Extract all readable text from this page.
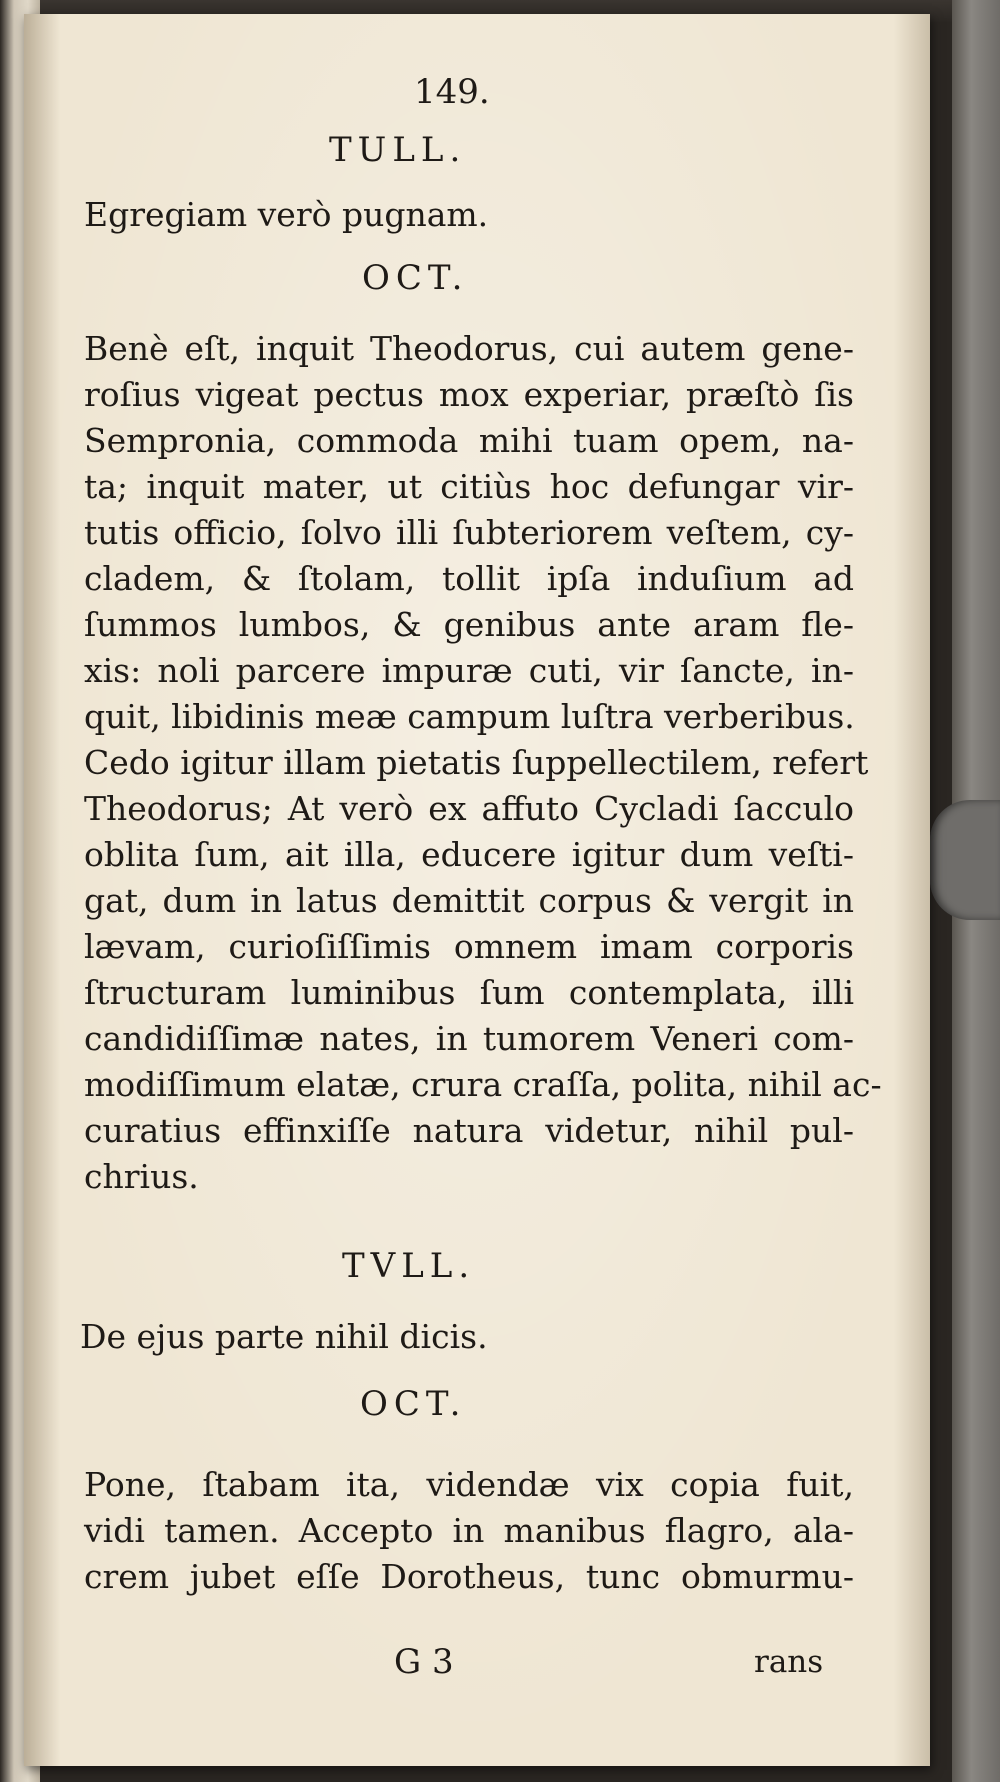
149.
TULL.
Egregiam verò pugnam.
OCT.
Benè eſt, inquit Theodorus, cui autem gene-
roſius vigeat pectus mox experiar, præſtò ſis
Sempronia, commoda mihi tuam opem, na-
ta; inquit mater, ut citiùs hoc defungar vir-
tutis officio, ſolvo illi ſubteriorem veſtem, cy-
cladem, & ſtolam, tollit ipſa induſium ad
ſummos lumbos, & genibus ante aram fle-
xis: noli parcere impuræ cuti, vir ſancte, in-
quit, libidinis meæ campum luſtra verberibus.
Cedo igitur illam pietatis ſuppellectilem, refert
Theodorus; At verò ex affuto Cycladi ſacculo
oblita ſum, ait illa, educere igitur dum veſti-
gat, dum in latus demittit corpus & vergit in
lævam, curioſiſſimis omnem imam corporis
ſtructuram luminibus ſum contemplata, illi
candidiſſimæ nates, in tumorem Veneri com-
modiſſimum elatæ, crura craſſa, polita, nihil ac-
curatius effinxiſſe natura videtur, nihil pul-
chrius.
TVLL.
De ejus parte nihil dicis.
OCT.
Pone, ſtabam ita, videndæ vix copia fuit,
vidi tamen. Accepto in manibus flagro, ala-
crem jubet eſſe Dorotheus, tunc obmurmu-
G 3	rans
